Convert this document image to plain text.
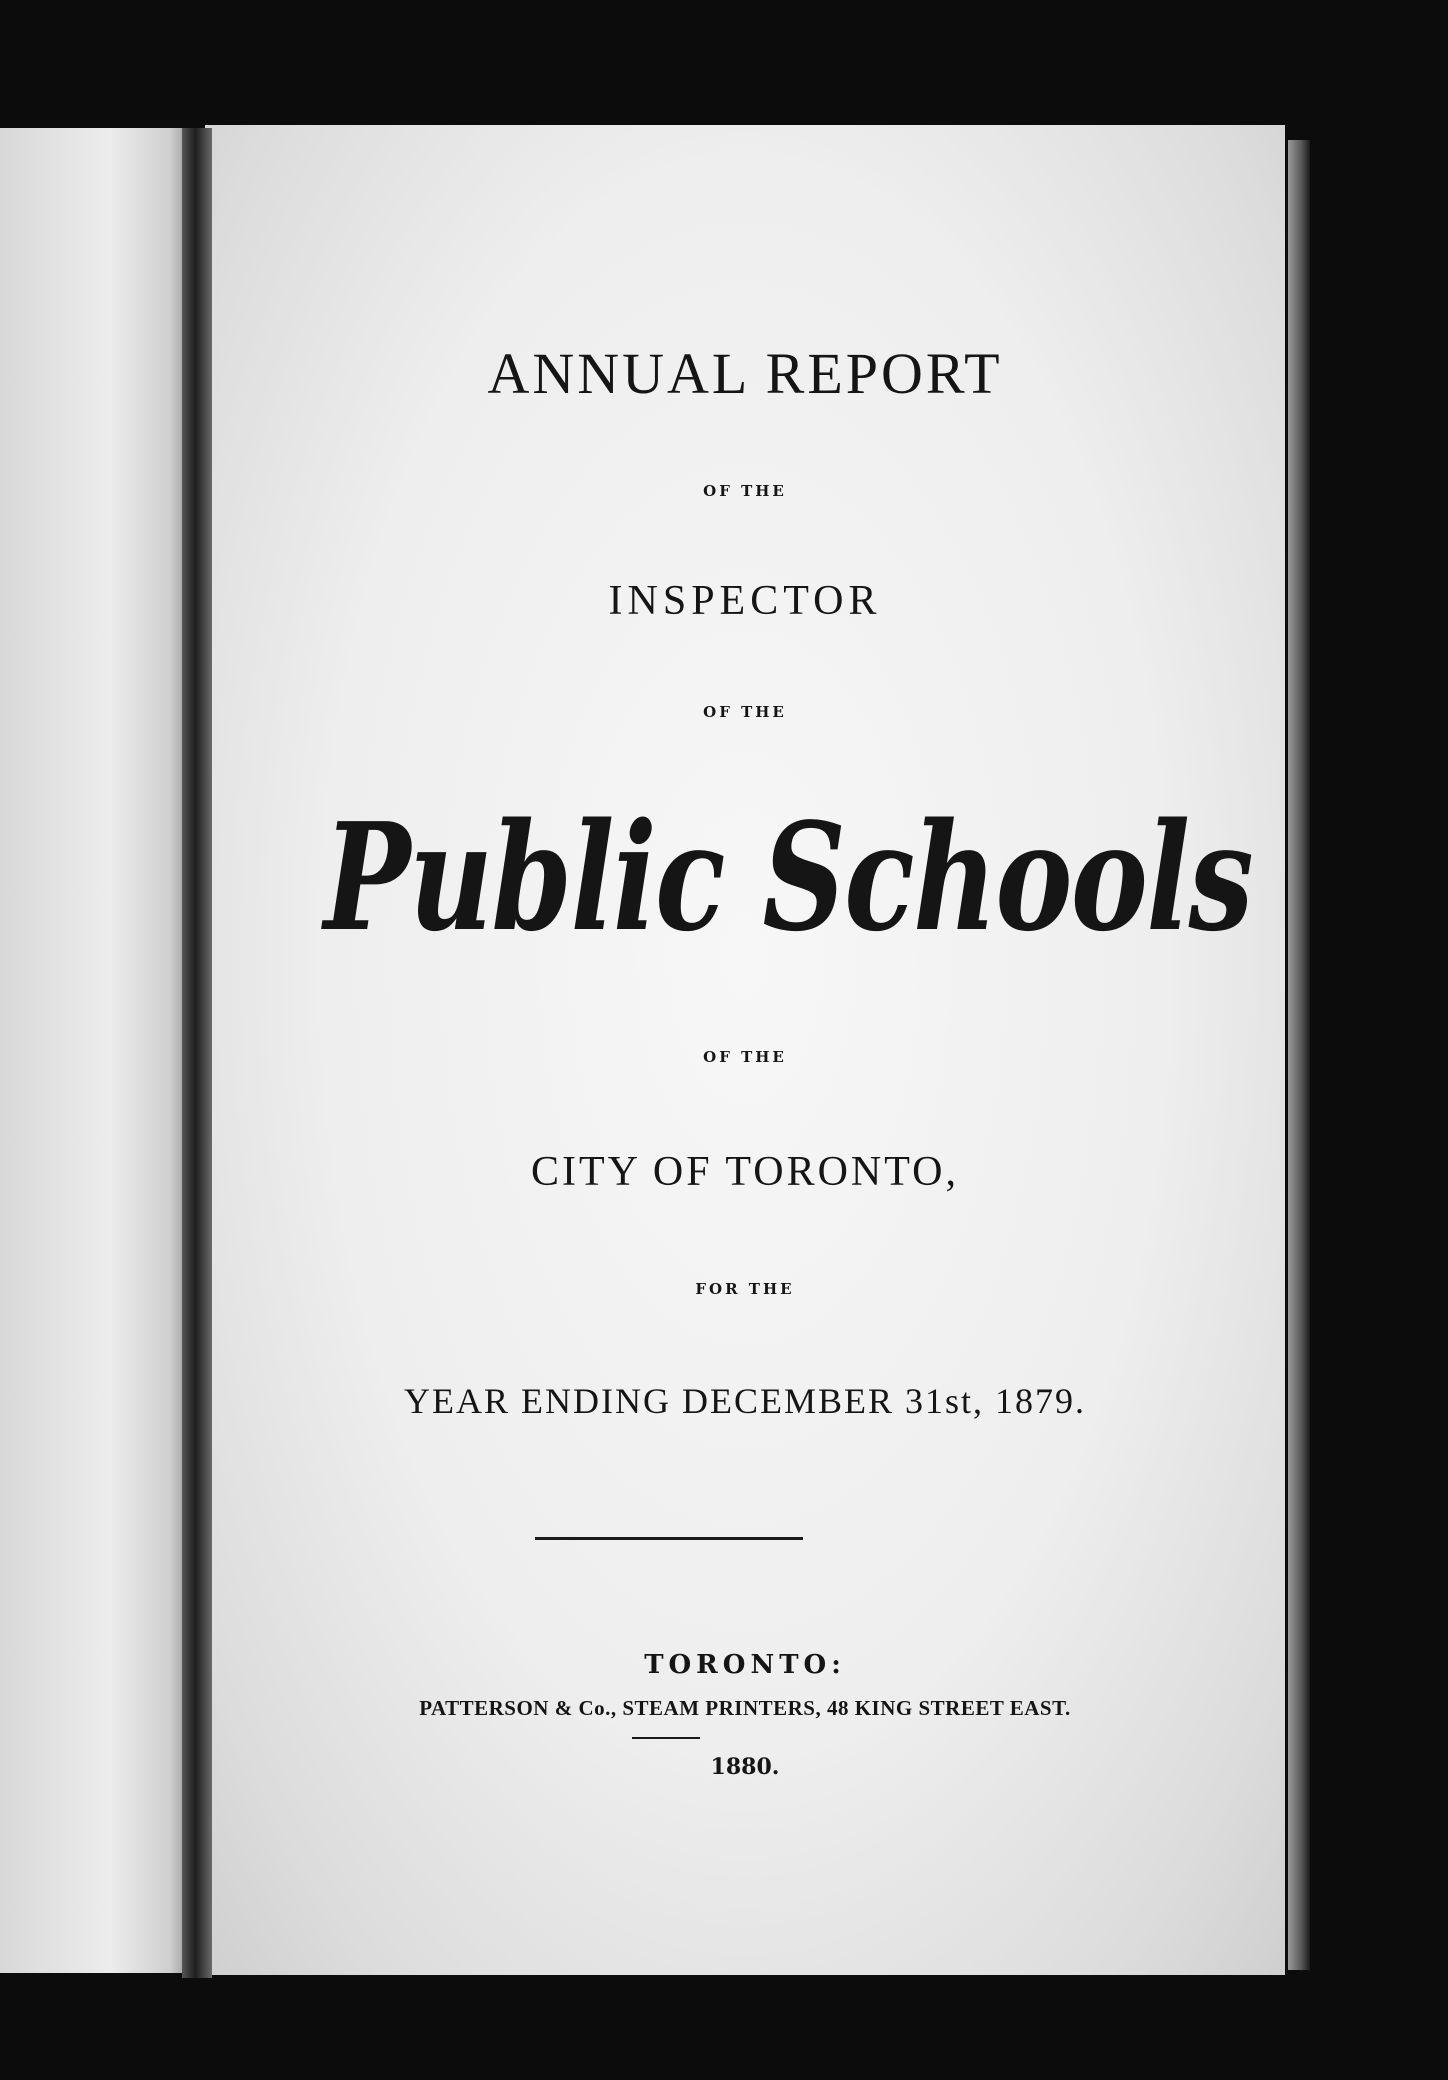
ANNUAL REPORT

OF THE

INSPECTOR

OF THE

Public Schools

OF THE

CITY OF TORONTO,

FOR THE

YEAR ENDING DECEMBER 31st, 1879.

TORONTO:

PATTERSON & Co., STEAM PRINTERS, 48 KING STREET EAST.

1880.
